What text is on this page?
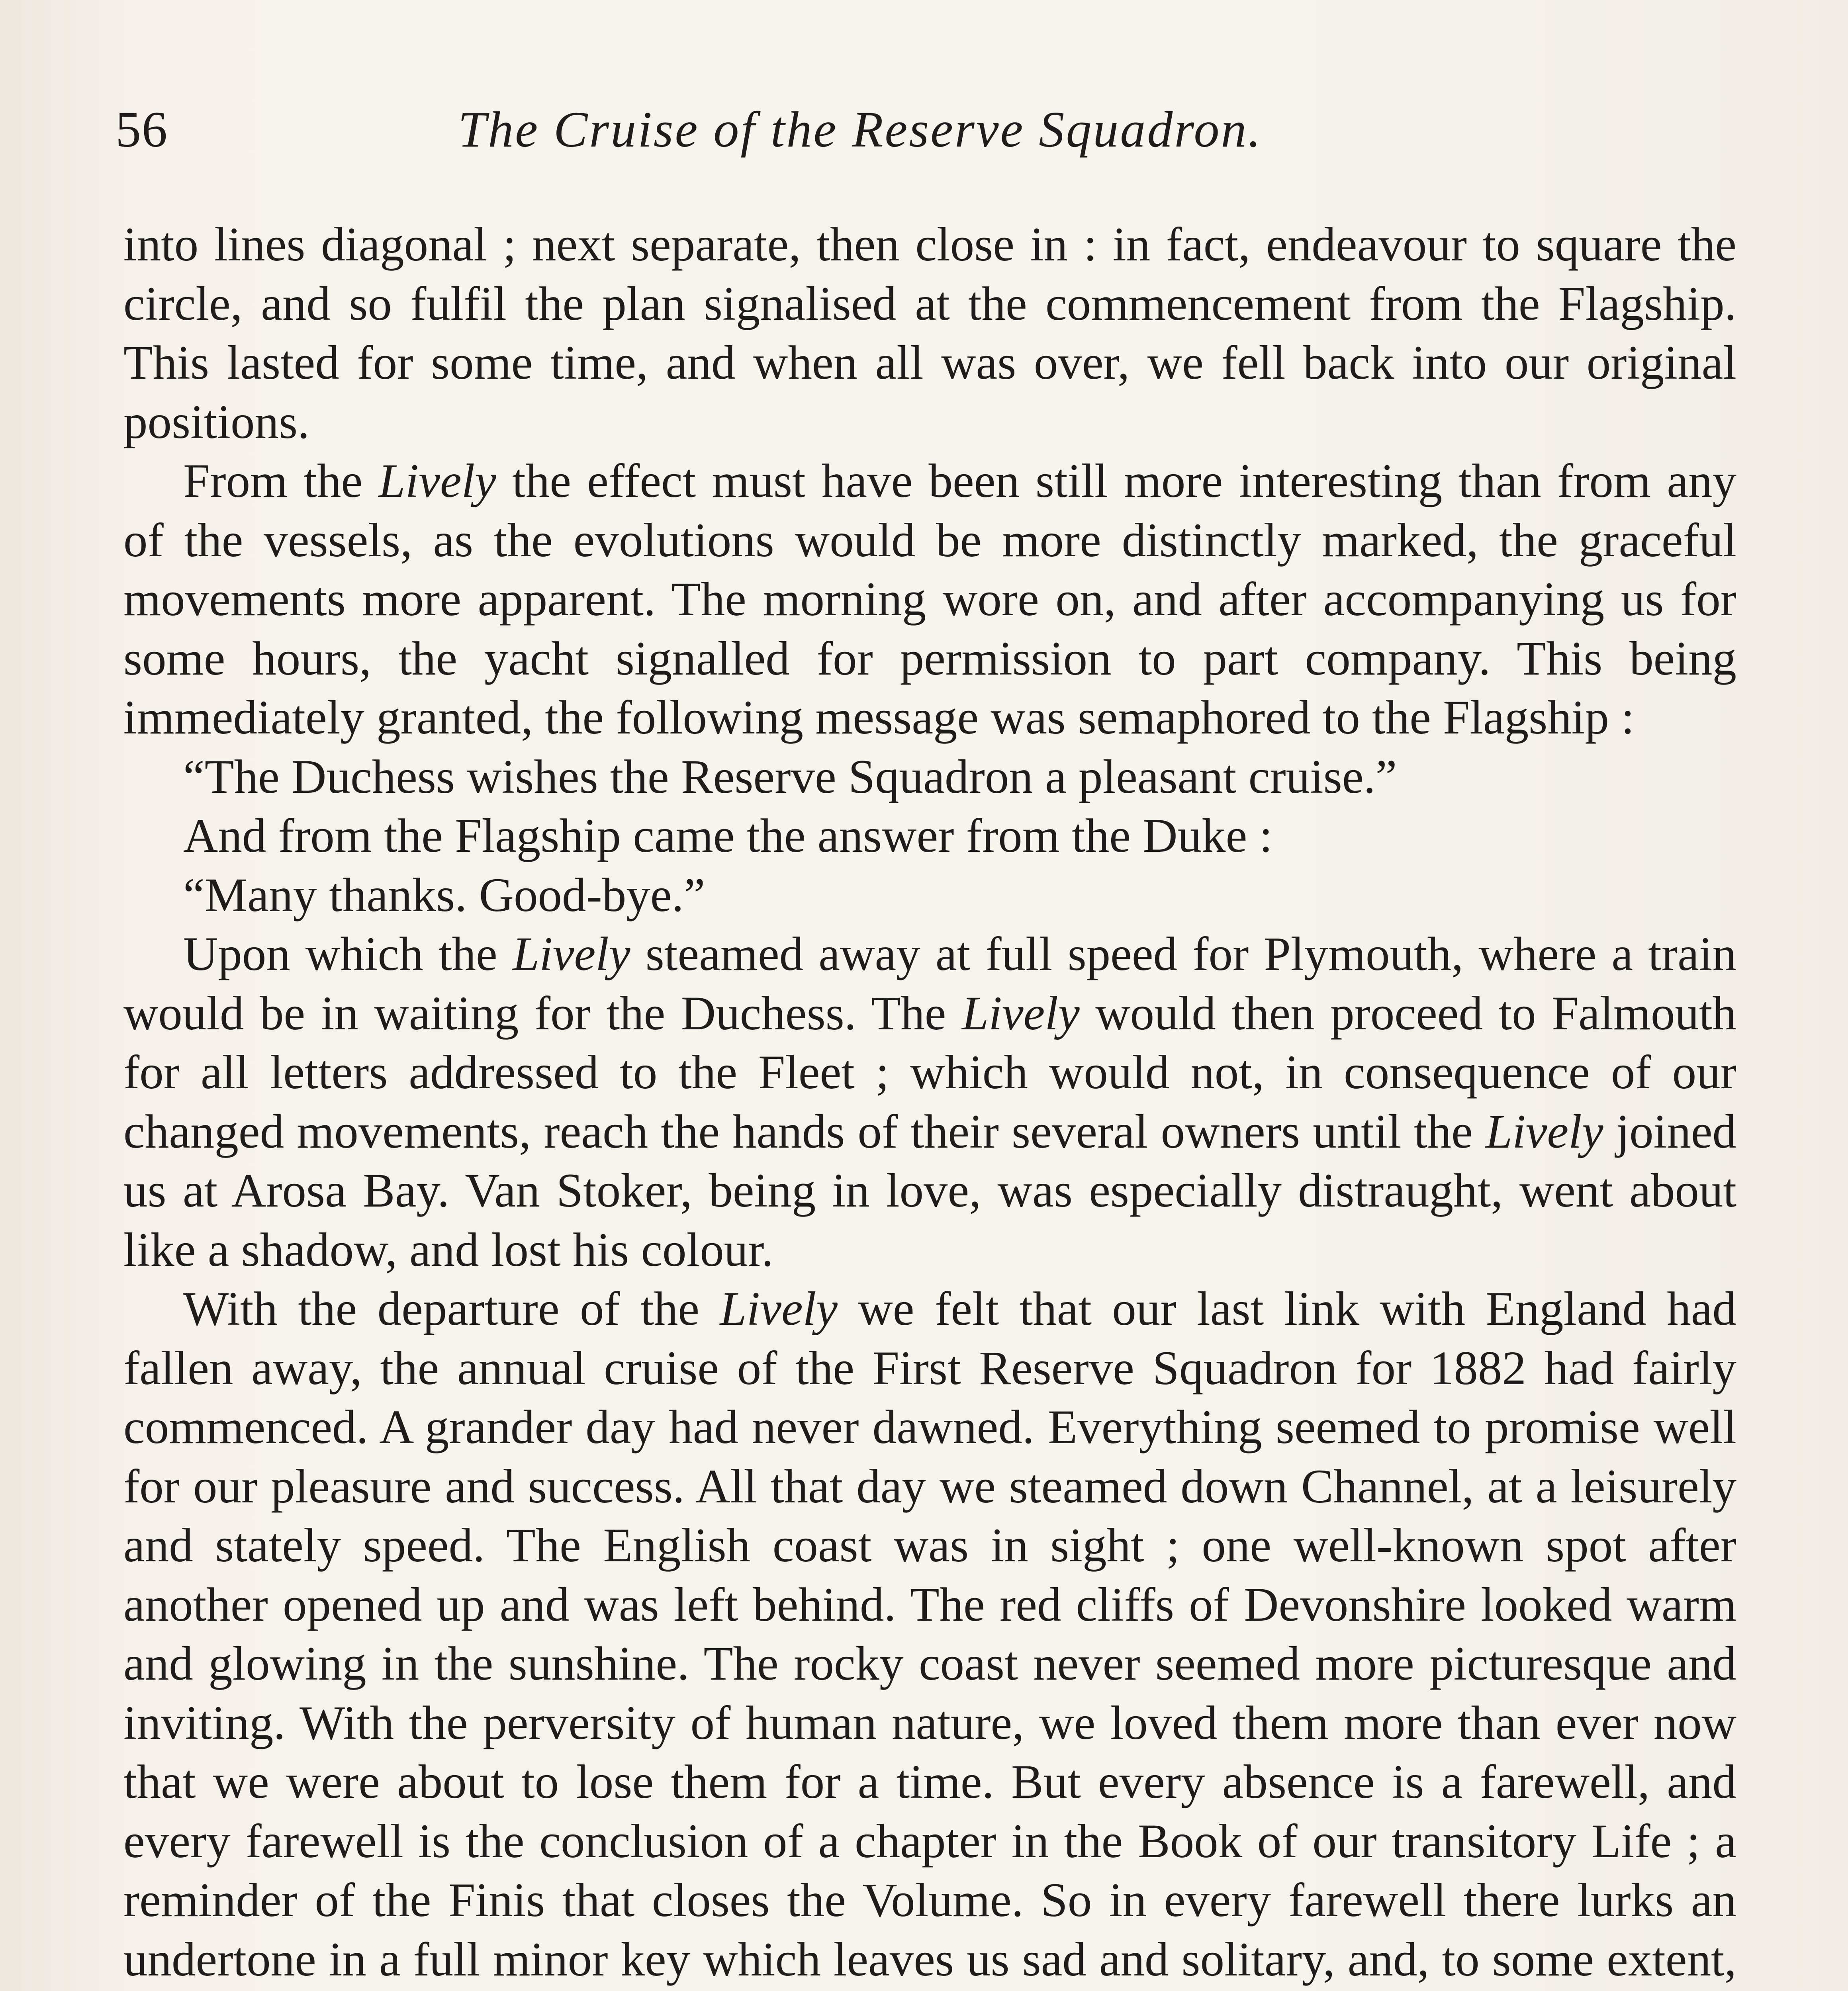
56	The Cruise of the Reserve Squadron.

into lines diagonal ; next separate, then close in : in fact, endeavour to square the circle, and so fulfil the plan signalised at the commencement from the Flagship. This lasted for some time, and when all was over, we fell back into our original positions.

From the Lively the effect must have been still more interesting than from any of the vessels, as the evolutions would be more distinctly marked, the graceful movements more apparent. The morning wore on, and after accompanying us for some hours, the yacht signalled for permission to part company. This being immediately granted, the following message was semaphored to the Flagship :

“The Duchess wishes the Reserve Squadron a pleasant cruise.”

And from the Flagship came the answer from the Duke :

“Many thanks. Good-bye.”

Upon which the Lively steamed away at full speed for Plymouth, where a train would be in waiting for the Duchess. The Lively would then proceed to Falmouth for all letters addressed to the Fleet ; which would not, in consequence of our changed movements, reach the hands of their several owners until the Lively joined us at Arosa Bay. Van Stoker, being in love, was especially distraught, went about like a shadow, and lost his colour.

With the departure of the Lively we felt that our last link with England had fallen away, the annual cruise of the First Reserve Squadron for 1882 had fairly commenced. A grander day had never dawned. Everything seemed to promise well for our pleasure and success. All that day we steamed down Channel, at a leisurely and stately speed. The English coast was in sight ; one well-known spot after another opened up and was left behind. The red cliffs of Devonshire looked warm and glowing in the sunshine. The rocky coast never seemed more picturesque and inviting. With the perversity of human nature, we loved them more than ever now that we were about to lose them for a time. But every absence is a farewell, and every farewell is the conclusion of a chapter in the Book of our transitory Life ; a reminder of the Finis that closes the Volume. So in every farewell there lurks an undertone in a full minor key which leaves us sad and solitary, and, to some extent,
